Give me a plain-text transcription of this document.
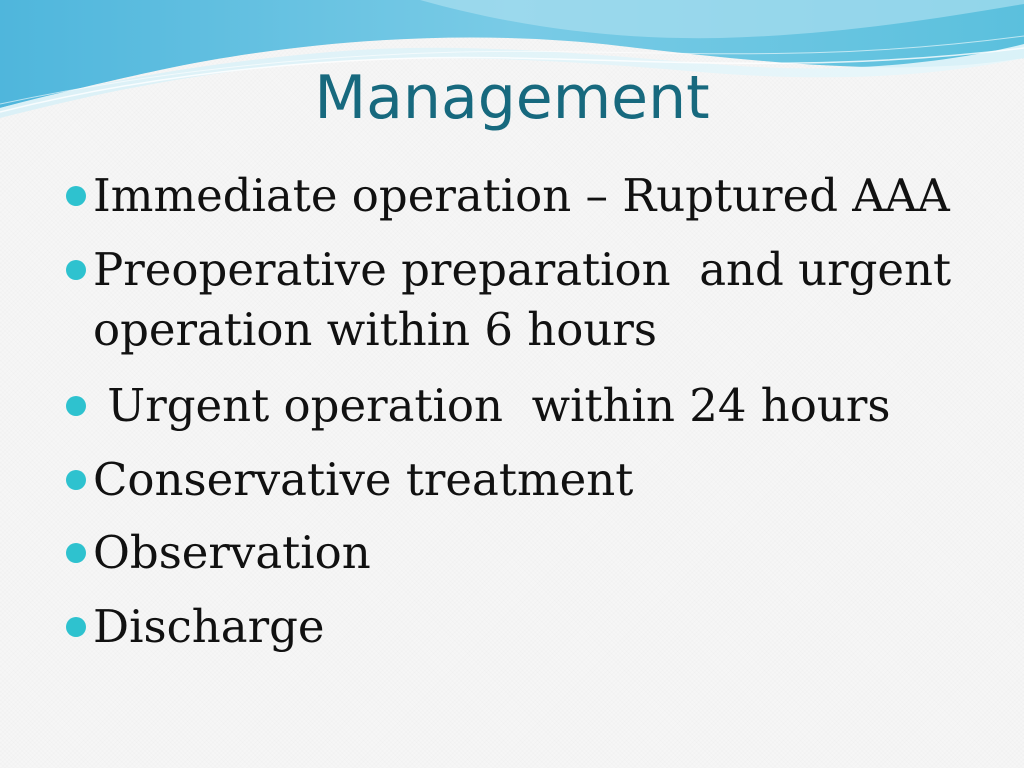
Management
Immediate operation – Ruptured AAA
Preoperative preparation  and urgent
operation within 6 hours
Urgent operation  within 24 hours
Conservative treatment
Observation
Discharge
